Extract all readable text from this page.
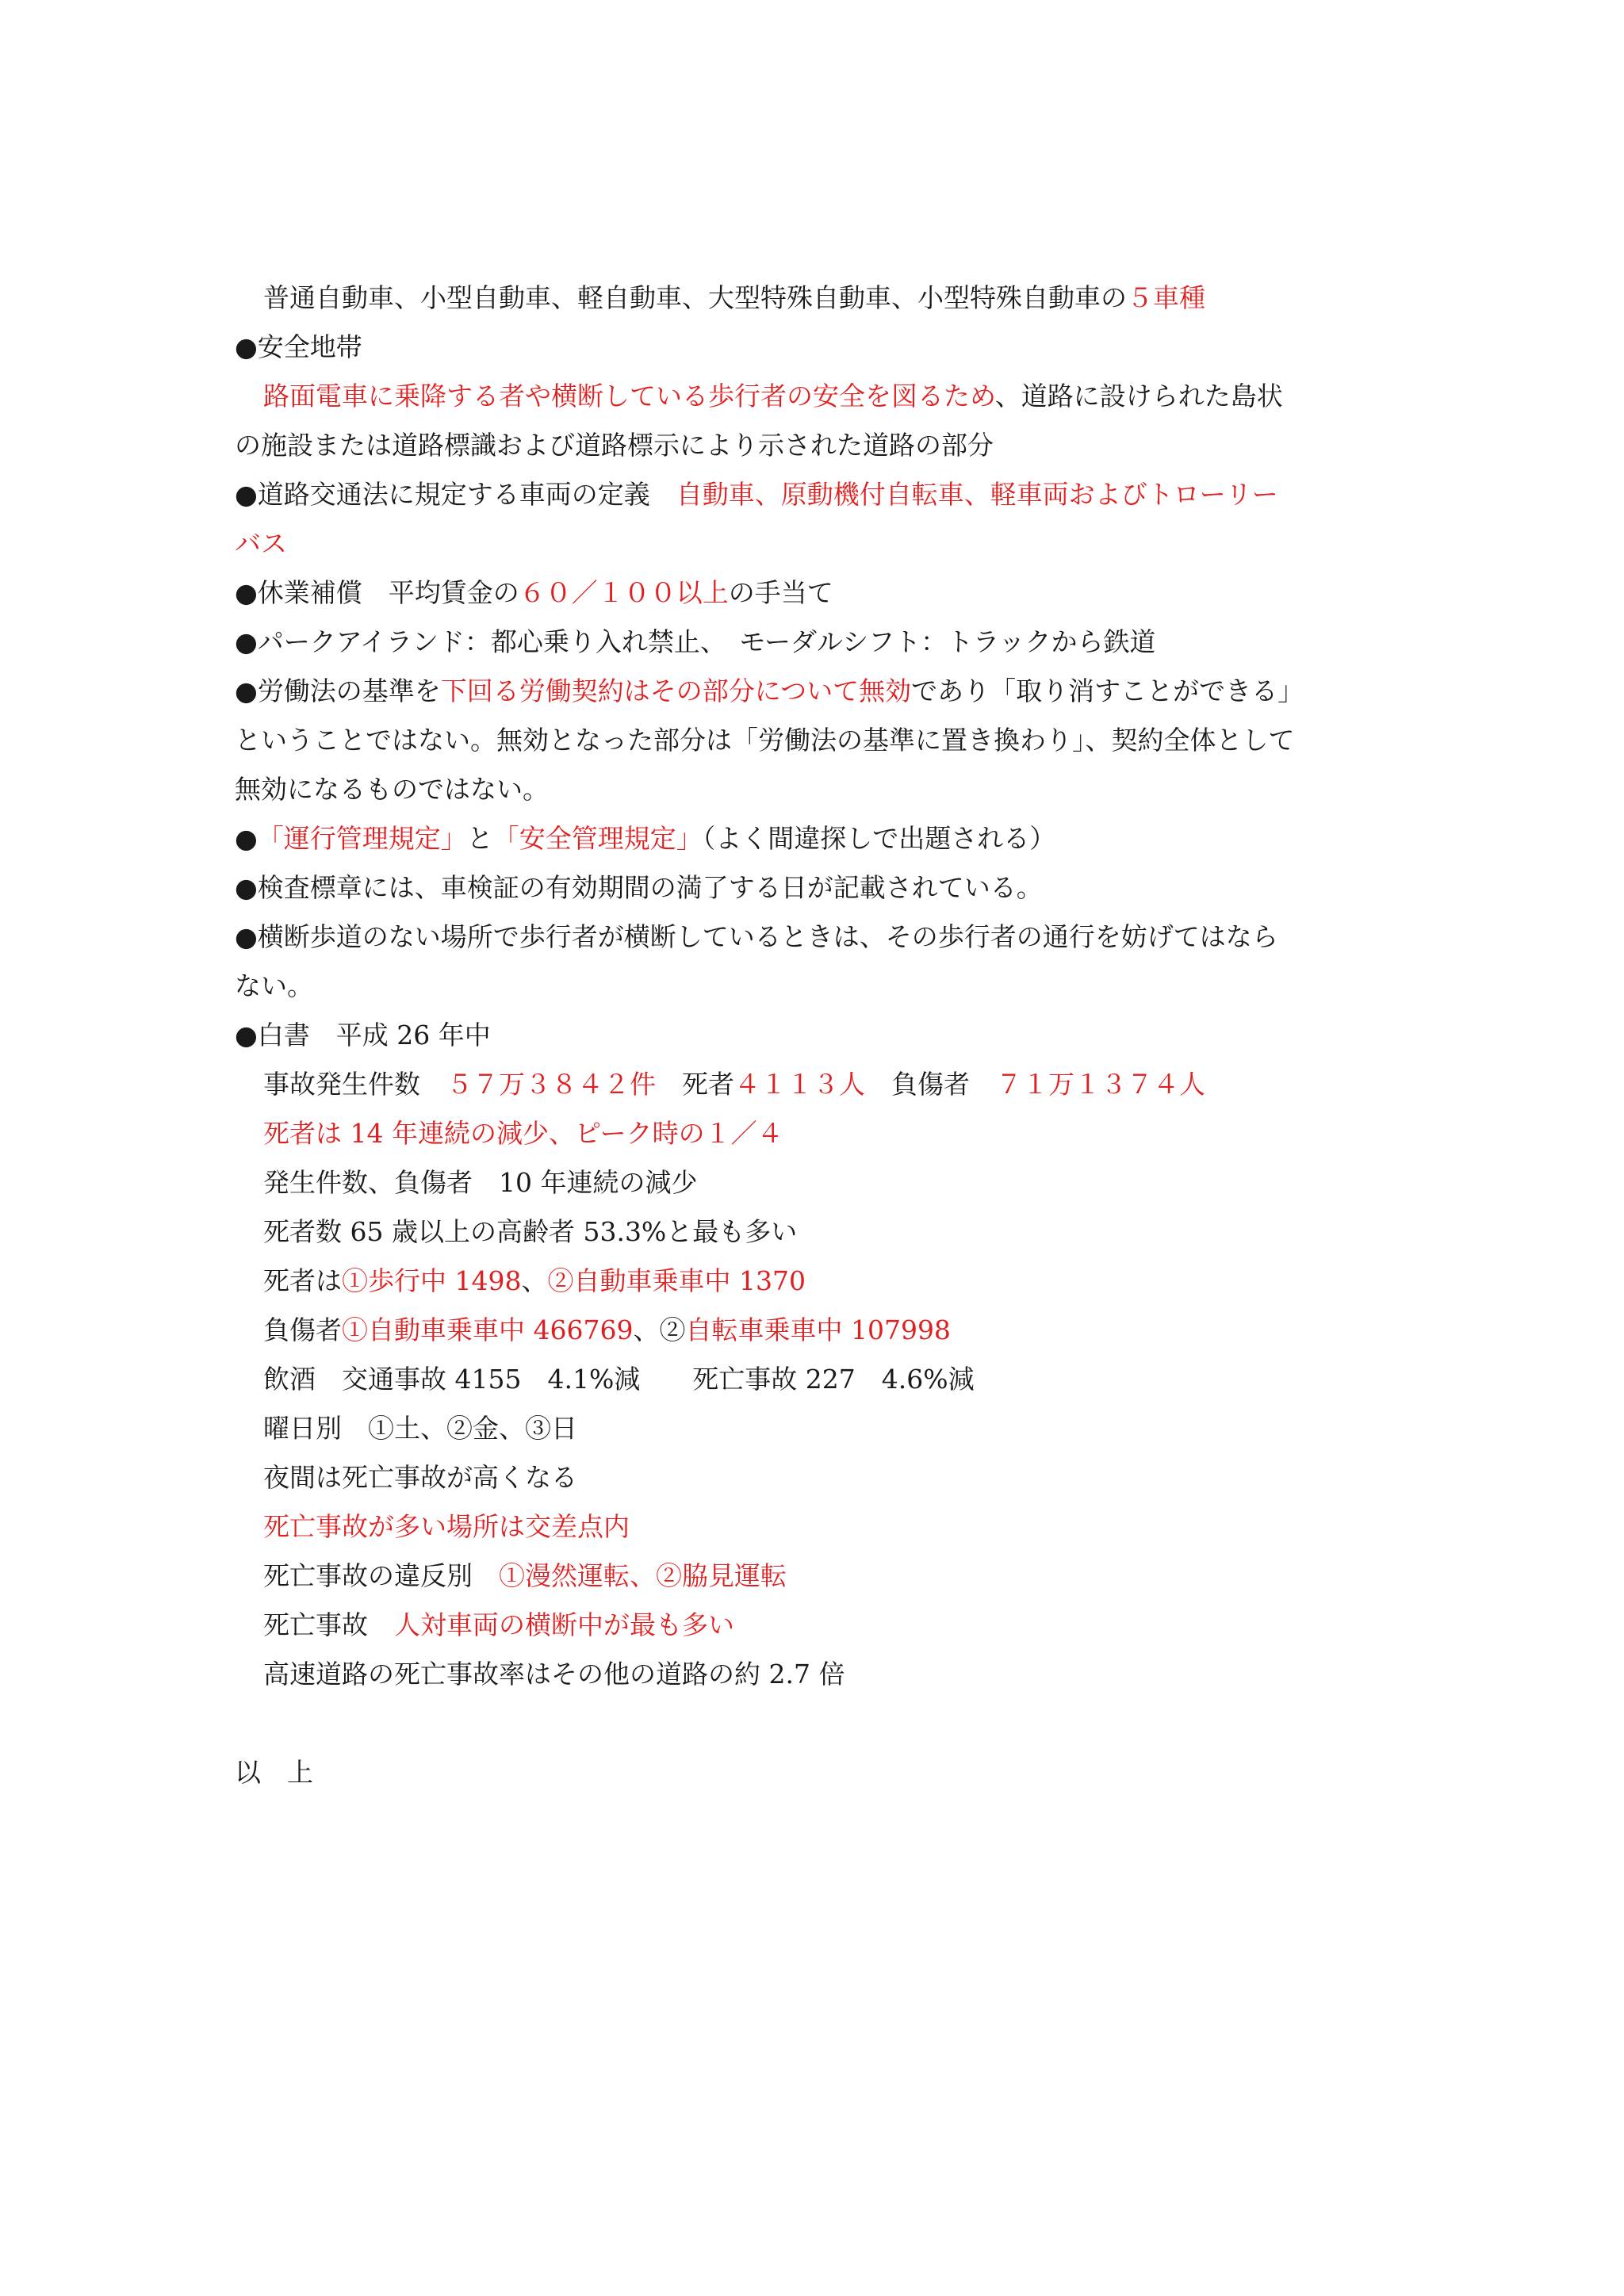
普通自動車、小型自動車、軽自動車、大型特殊自動車、小型特殊自動車の５車種
●安全地帯
路面電車に乗降する者や横断している歩行者の安全を図るため、道路に設けられた島状
の施設または道路標識および道路標示により示された道路の部分
●道路交通法に規定する車両の定義　自動車、原動機付自転車、軽車両およびトローリー
バス
●休業補償　平均賃金の６０／１００以上の手当て
●パークアイランド：都心乗り入れ禁止、　モーダルシフト：トラックから鉄道
●労働法の基準を下回る労働契約はその部分について無効であり「取り消すことができる」
ということではない。無効となった部分は「労働法の基準に置き換わり」、契約全体として
無効になるものではない。
●「運行管理規定」と「安全管理規定」（よく間違探しで出題される）
●検査標章には、車検証の有効期間の満了する日が記載されている。
●横断歩道のない場所で歩行者が横断しているときは、その歩行者の通行を妨げてはなら
ない。
●白書　平成 26 年中
事故発生件数　５７万３８４２件　死者４１１３人　負傷者　７１万１３７４人
死者は 14 年連続の減少、ピーク時の１／４
発生件数、負傷者　10 年連続の減少
死者数 65 歳以上の高齢者 53.3%と最も多い
死者は①歩行中 1498、②自動車乗車中 1370
負傷者①自動車乗車中 466769、②自転車乗車中 107998
飲酒　交通事故 4155　4.1%減　　死亡事故 227　4.6%減
曜日別　①土、②金、③日
夜間は死亡事故が高くなる
死亡事故が多い場所は交差点内
死亡事故の違反別　①漫然運転、②脇見運転
死亡事故　人対車両の横断中が最も多い
高速道路の死亡事故率はその他の道路の約 2.7 倍
以　上
